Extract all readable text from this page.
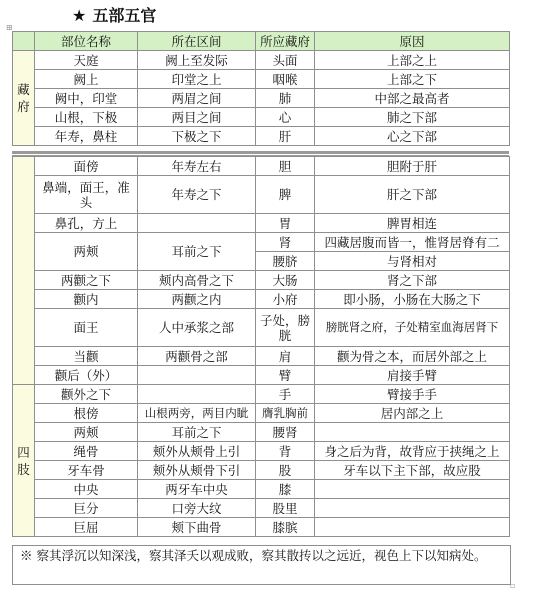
★ 五部五官
⊞
	部位名称	所在区间	所应藏府	原因

藏府	天庭	阙上至发际	头面	上部之上
	阙上	印堂之上	咽喉	上部之下
	阙中，印堂	两眉之间	肺	中部之最高者
	山根，下极	两目之间	心	肺之下部
	年寿，鼻柱	下极之下	肝	心之下部
	面傍	年寿左右	胆	胆附于肝
	鼻端，面王，准头	年寿之下	脾	肝之下部
	鼻孔，方上		胃	脾胃相连
	两颊	耳前之下	肾	四藏居腹而皆一，惟肾居脊有二
			腰脐	与肾相对
	两颧之下	颊内高骨之下	大肠	肾之下部
	颧内	两颧之内	小府	即小肠，小肠在大肠之下
	面王	人中承浆之部	子处，膀胱	膀胱肾之府，子处精室血海居肾下
	当颧	两颧骨之部	肩	颧为骨之本，而居外部之上
	颧后（外）		臂	肩接手臂

四肢	颧外之下		手	臂接手手
	根傍	山根两旁，两目内眦	膺乳胸前	居内部之上
	两颊	耳前之下	腰肾	
	绳骨	颊外从颊骨上引	背	身之后为背，故背应于挟绳之上
	牙车骨	颊外从颊骨下引	股	牙车以下主下部，故应股
	中央	两牙车中央	膝	
	巨分	口旁大纹	股里	
	巨屈	颊下曲骨	膝膑	
※ 察其浮沉以知深浅，察其泽夭以观成败，察其散抟以之远近，视色上下以知病处。
▫
